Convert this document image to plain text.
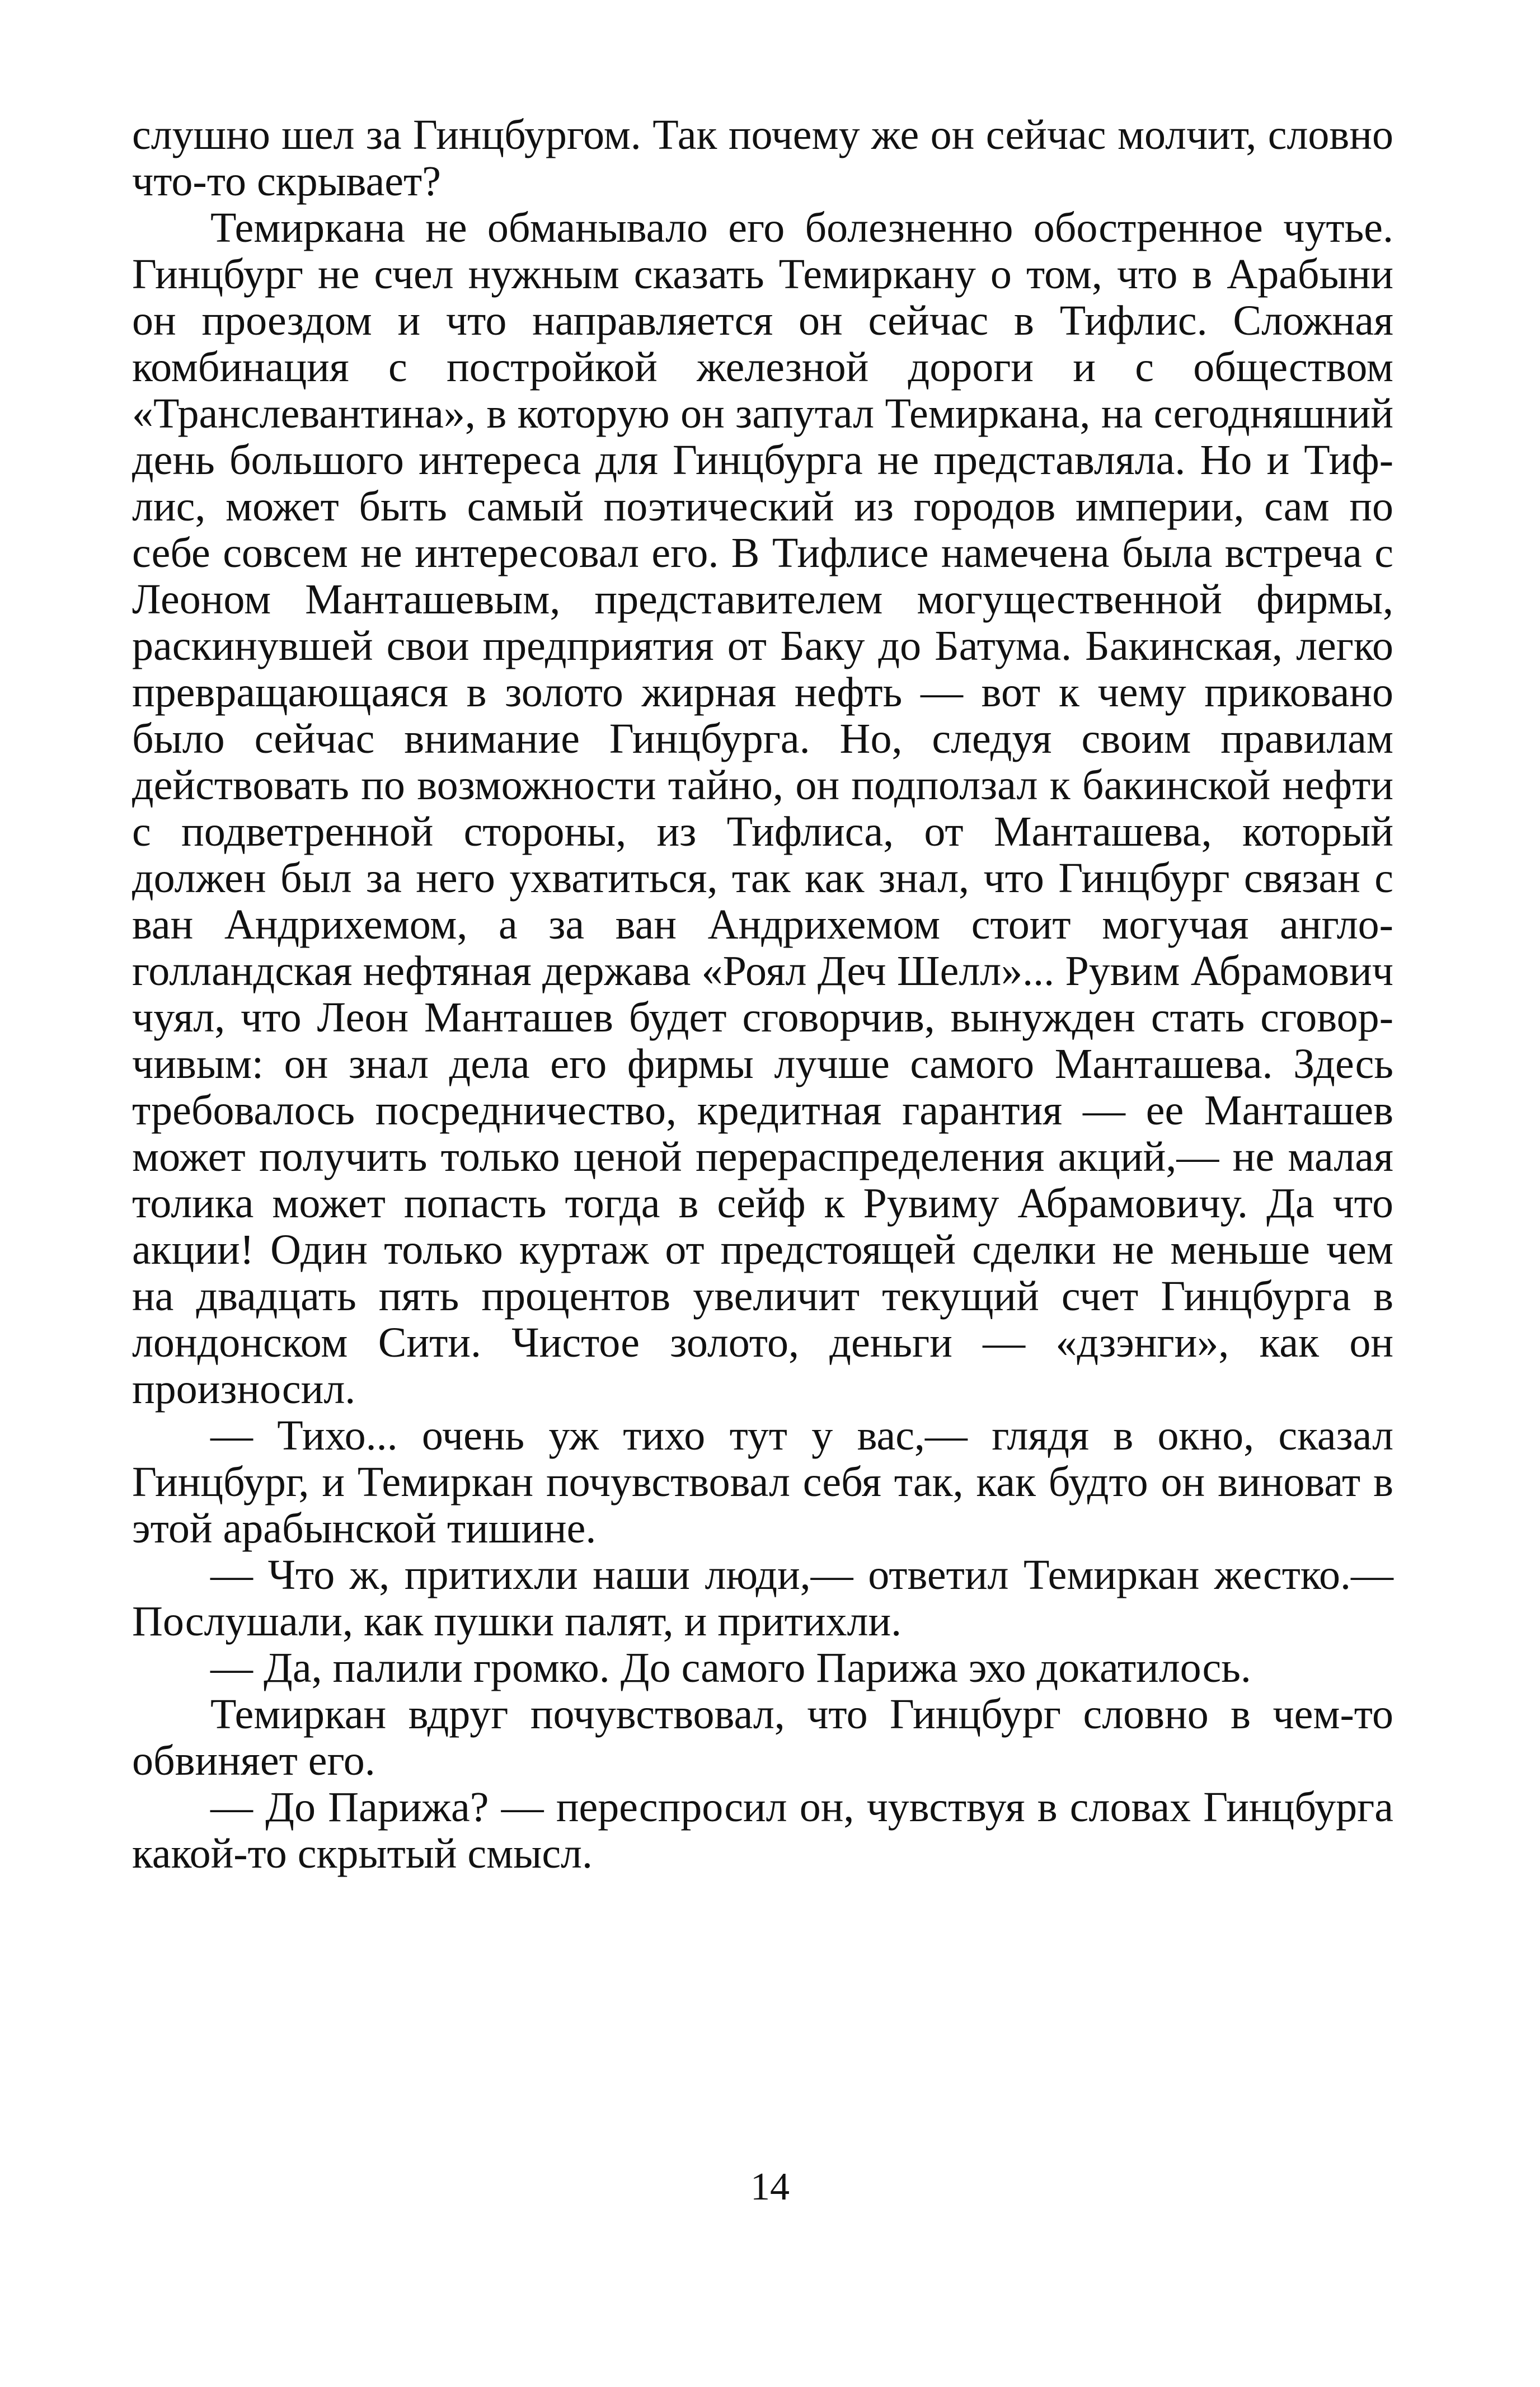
слушно шел за Гинцбургом. Так почему же он сейчас молчит, словно что-то скрывает?

Темиркана не обманывало его болезненно обостренное чутье. Гинцбург не счел нужным сказать Темиркану о том, что в Арабыни он проездом и что направляется он сейчас в Тифлис. Сложная комбинация с постройкой железной дороги и с обществом «Транслевантина», в которую он запутал Темиркана, на сегодняшний день большого интереса для Гинцбурга не представляла. Но и Тифлис, может быть самый поэтический из городов империи, сам по себе совсем не интересовал его. В Тифлисе намечена была встреча с Леоном Манташевым, представителем могущественной фирмы, раскинувшей свои предприятия от Баку до Батума. Бакинская, легко превращающаяся в золото жирная нефть — вот к чему приковано было сейчас внимание Гинцбурга. Но, следуя своим правилам действовать по возможности тайно, он подползал к бакинской нефти с подветренной стороны, из Тифлиса, от Манташева, который должен был за него ухватиться, так как знал, что Гинцбург связан с ван Андрихемом, а за ван Андрихемом стоит могучая англо-голландская нефтяная держава «Роял Деч Шелл»... Рувим Абрамович чуял, что Леон Манташев будет сговорчив, вынужден стать сговорчивым: он знал дела его фирмы лучше самого Манташева. Здесь требовалось посредничество, кредитная гарантия — ее Манташев может получить только ценой перераспределения акций,— не малая толика может попасть тогда в сейф к Рувиму Абрамовичу. Да что акции! Один только куртаж от предстоящей сделки не меньше чем на двадцать пять процентов увеличит текущий счет Гинцбурга в лондонском Сити. Чистое золото, деньги — «дзэнги», как он произносил.

— Тихо... очень уж тихо тут у вас,— глядя в окно, сказал Гинцбург, и Темиркан почувствовал себя так, как будто он виноват в этой арабынской тишине.

— Что ж, притихли наши люди,— ответил Темиркан жестко.— Послушали, как пушки палят, и притихли.

— Да, палили громко. До самого Парижа эхо докатилось.

Темиркан вдруг почувствовал, что Гинцбург словно в чем-то обвиняет его.

— До Парижа? — переспросил он, чувствуя в словах Гинцбурга какой-то скрытый смысл.

14
